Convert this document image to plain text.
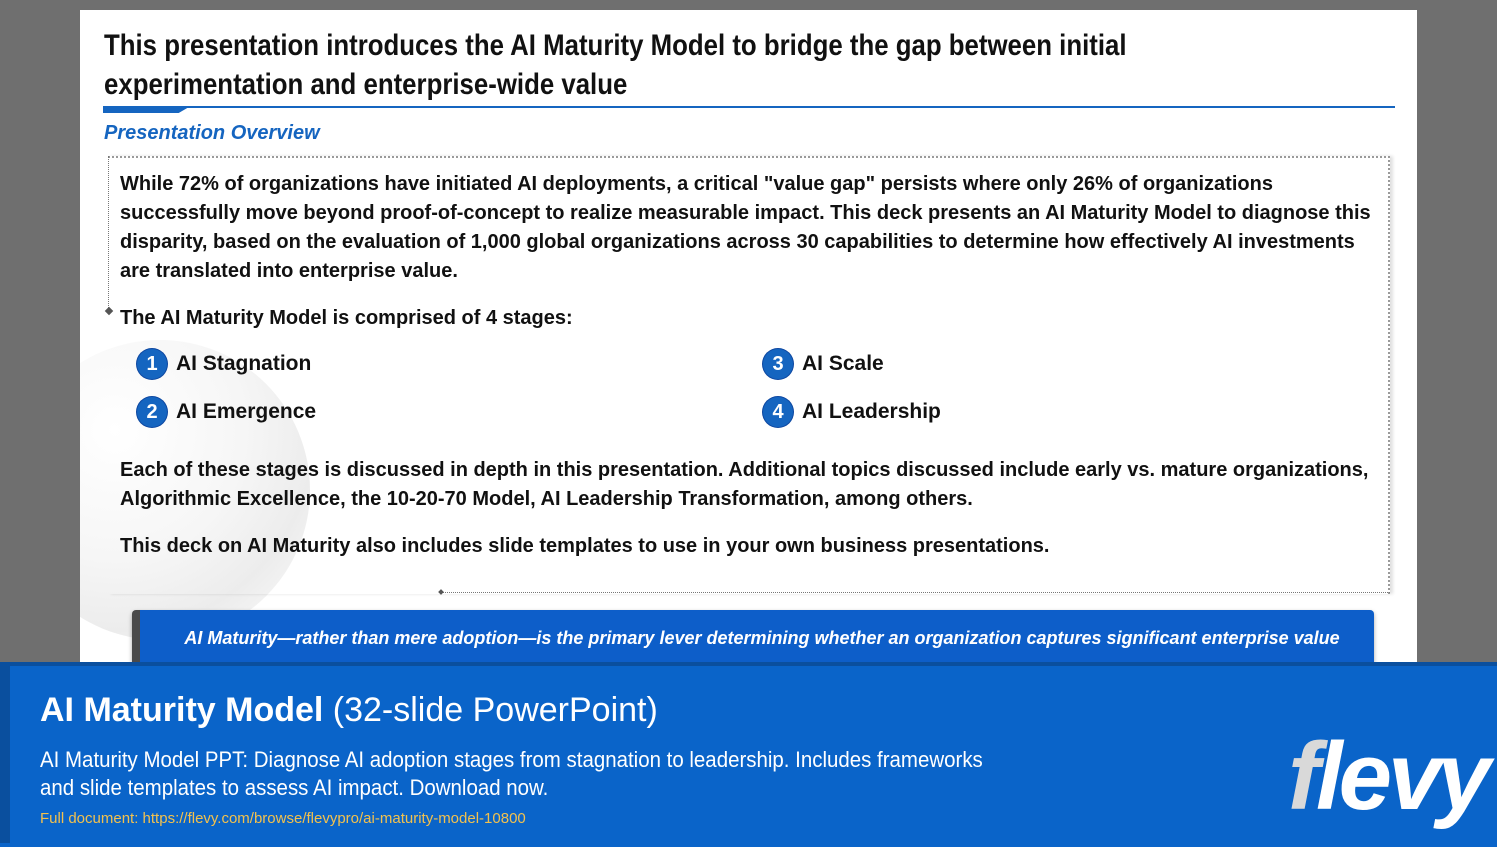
This presentation introduces the AI Maturity Model to bridge the gap between initial experimentation and enterprise-wide value
Presentation Overview

While 72% of organizations have initiated AI deployments, a critical "value gap" persists where only 26% of organizations successfully move beyond proof-of-concept to realize measurable impact. This deck presents an AI Maturity Model to diagnose this disparity, based on the evaluation of 1,000 global organizations across 30 capabilities to determine how effectively AI investments are translated into enterprise value.

The AI Maturity Model is comprised of 4 stages:

1 AI Stagnation
2 AI Emergence
3 AI Scale
4 AI Leadership

Each of these stages is discussed in depth in this presentation. Additional topics discussed include early vs. mature organizations, Algorithmic Excellence, the 10-20-70 Model, AI Leadership Transformation, among others.

This deck on AI Maturity also includes slide templates to use in your own business presentations.

AI Maturity—rather than mere adoption—is the primary lever determining whether an organization captures significant enterprise value

AI Maturity Model (32-slide PowerPoint)

AI Maturity Model PPT: Diagnose AI adoption stages from stagnation to leadership. Includes frameworks and slide templates to assess AI impact. Download now.

Full document: https://flevy.com/browse/flevypro/ai-maturity-model-10800	flevy
